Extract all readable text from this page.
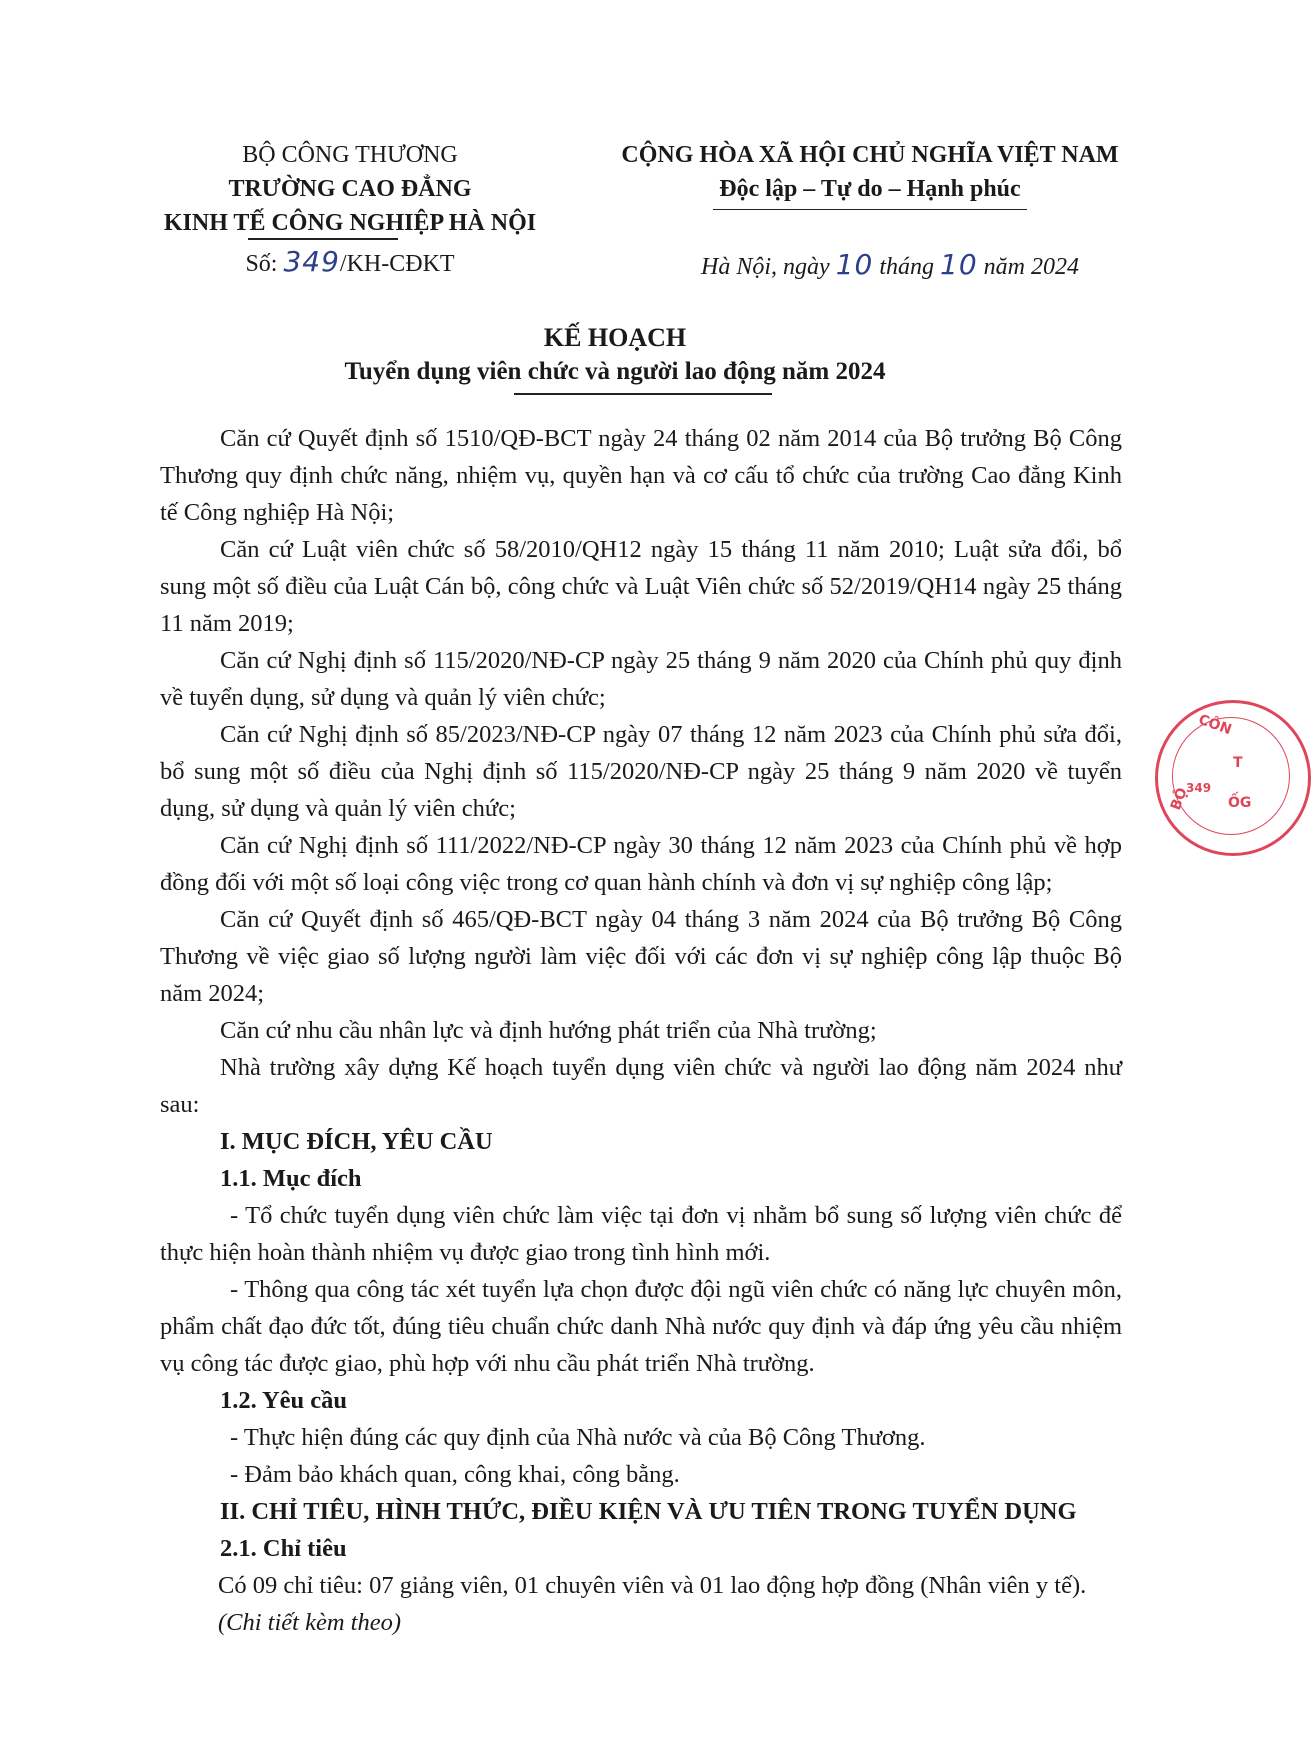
BỘ CÔNG THƯƠNG
TRƯỜNG CAO ĐẲNG
KINH TẾ CÔNG NGHIỆP HÀ NỘI
Số: 349/KH-CĐKT
CỘNG HÒA XÃ HỘI CHỦ NGHĨA VIỆT NAM
Độc lập – Tự do – Hạnh phúc
Hà Nội, ngày 10 tháng 10 năm 2024
KẾ HOẠCH
Tuyển dụng viên chức và người lao động năm 2024

Căn cứ Quyết định số 1510/QĐ-BCT ngày 24 tháng 02 năm 2014 của Bộ trưởng Bộ Công Thương quy định chức năng, nhiệm vụ, quyền hạn và cơ cấu tổ chức của trường Cao đẳng Kinh tế Công nghiệp Hà Nội;

Căn cứ Luật viên chức số 58/2010/QH12 ngày 15 tháng 11 năm 2010; Luật sửa đổi, bổ sung một số điều của Luật Cán bộ, công chức và Luật Viên chức số 52/2019/QH14 ngày 25 tháng 11 năm 2019;

Căn cứ Nghị định số 115/2020/NĐ-CP ngày 25 tháng 9 năm 2020 của Chính phủ quy định về tuyển dụng, sử dụng và quản lý viên chức;

Căn cứ Nghị định số 85/2023/NĐ-CP ngày 07 tháng 12 năm 2023 của Chính phủ sửa đổi, bổ sung một số điều của Nghị định số 115/2020/NĐ-CP ngày 25 tháng 9 năm 2020 về tuyển dụng, sử dụng và quản lý viên chức;

Căn cứ Nghị định số 111/2022/NĐ-CP ngày 30 tháng 12 năm 2023 của Chính phủ về hợp đồng đối với một số loại công việc trong cơ quan hành chính và đơn vị sự nghiệp công lập;

Căn cứ Quyết định số 465/QĐ-BCT ngày 04 tháng 3 năm 2024 của Bộ trưởng Bộ Công Thương về việc giao số lượng người làm việc đối với các đơn vị sự nghiệp công lập thuộc Bộ năm 2024;

Căn cứ nhu cầu nhân lực và định hướng phát triển của Nhà trường;

Nhà trường xây dựng Kế hoạch tuyển dụng viên chức và người lao động năm 2024 như sau:

I. MỤC ĐÍCH, YÊU CẦU

1.1. Mục đích

- Tổ chức tuyển dụng viên chức làm việc tại đơn vị nhằm bổ sung số lượng viên chức để thực hiện hoàn thành nhiệm vụ được giao trong tình hình mới.

- Thông qua công tác xét tuyển lựa chọn được đội ngũ viên chức có năng lực chuyên môn, phẩm chất đạo đức tốt, đúng tiêu chuẩn chức danh Nhà nước quy định và đáp ứng yêu cầu nhiệm vụ công tác được giao, phù hợp với nhu cầu phát triển Nhà trường.

1.2. Yêu cầu

- Thực hiện đúng các quy định của Nhà nước và của Bộ Công Thương.

- Đảm bảo khách quan, công khai, công bằng.

II. CHỈ TIÊU, HÌNH THỨC, ĐIỀU KIỆN VÀ ƯU TIÊN TRONG TUYỂN DỤNG

2.1. Chỉ tiêu

Có 09 chỉ tiêu: 07 giảng viên, 01 chuyên viên và 01 lao động hợp đồng (Nhân viên y tế).

(Chi tiết kèm theo)

CÔN
T
349
ỐG
BỘ
